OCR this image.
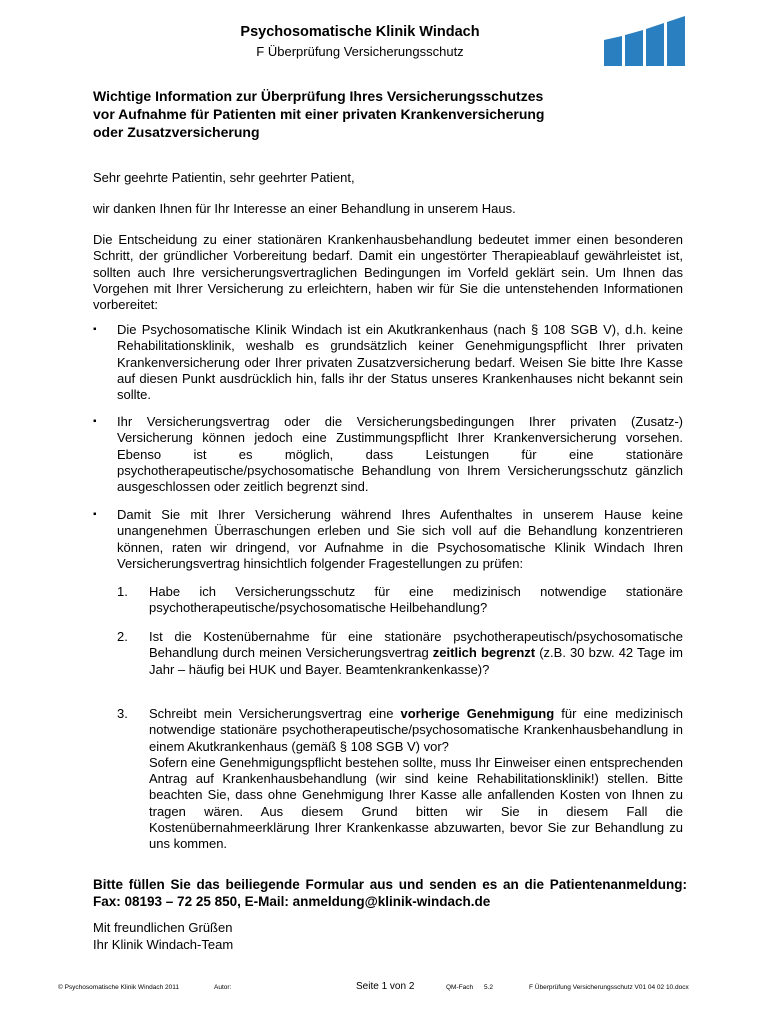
Psychosomatische Klinik Windach
F Überprüfung Versicherungsschutz
Wichtige Information zur Überprüfung Ihres Versicherungsschutzes
vor Aufnahme für Patienten mit einer privaten Krankenversicherung
oder Zusatzversicherung
Sehr geehrte Patientin, sehr geehrter Patient,
wir danken Ihnen für Ihr Interesse an einer Behandlung in unserem Haus.
Die Entscheidung zu einer stationären Krankenhausbehandlung bedeutet immer einen besonderen Schritt, der gründlicher Vorbereitung bedarf. Damit ein ungestörter Therapieablauf gewährleistet ist, sollten auch Ihre versicherungsvertraglichen Bedingungen im Vorfeld geklärt sein. Um Ihnen das Vorgehen mit Ihrer Versicherung zu erleichtern, haben wir für Sie die untenstehenden Informationen vorbereitet:
▪	Die Psychosomatische Klinik Windach ist ein Akutkrankenhaus (nach § 108 SGB V), d.h. keine Rehabilitationsklinik, weshalb es grundsätzlich keiner Genehmigungspflicht Ihrer privaten Krankenversicherung oder Ihrer privaten Zusatzversicherung bedarf. Weisen Sie bitte Ihre Kasse auf diesen Punkt ausdrücklich hin, falls ihr der Status unseres Krankenhauses nicht bekannt sein sollte.
▪	Ihr Versicherungsvertrag oder die Versicherungsbedingungen Ihrer privaten (Zusatz-) Versicherung können jedoch eine Zustimmungspflicht Ihrer Krankenversicherung vorsehen. Ebenso ist es möglich, dass Leistungen für eine stationäre psychotherapeutische/psychosomatische Behandlung von Ihrem Versicherungsschutz gänzlich ausgeschlossen oder zeitlich begrenzt sind.
▪	Damit Sie mit Ihrer Versicherung während Ihres Aufenthaltes in unserem Hause keine unangenehmen Überraschungen erleben und Sie sich voll auf die Behandlung konzentrieren können, raten wir dringend, vor Aufnahme in die Psychosomatische Klinik Windach Ihren Versicherungsvertrag hinsichtlich folgender Fragestellungen zu prüfen:
1. Habe ich Versicherungsschutz für eine medizinisch notwendige stationäre psychotherapeutische/psychosomatische Heilbehandlung?
2. Ist die Kostenübernahme für eine stationäre psychotherapeutisch/psychosomatische Behandlung durch meinen Versicherungsvertrag zeitlich begrenzt (z.B. 30 bzw. 42 Tage im Jahr – häufig bei HUK und Bayer. Beamtenkrankenkasse)?
3. Schreibt mein Versicherungsvertrag eine vorherige Genehmigung für eine medizinisch notwendige stationäre psychotherapeutische/psychosomatische Krankenhausbehandlung in einem Akutkrankenhaus (gemäß § 108 SGB V) vor?
Sofern eine Genehmigungspflicht bestehen sollte, muss Ihr Einweiser einen entsprechenden Antrag auf Krankenhausbehandlung (wir sind keine Rehabilitationsklinik!) stellen. Bitte beachten Sie, dass ohne Genehmigung Ihrer Kasse alle anfallenden Kosten von Ihnen zu tragen wären. Aus diesem Grund bitten wir Sie in diesem Fall die Kostenübernahmeerklärung Ihrer Krankenkasse abzuwarten, bevor Sie zur Behandlung zu uns kommen.
Bitte füllen Sie das beiliegende Formular aus und senden es an die Patientenanmeldung: Fax: 08193 – 72 25 850, E-Mail: anmeldung@klinik-windach.de
Mit freundlichen Grüßen
Ihr Klinik Windach-Team
© Psychosomatische Klinik Windach 2011	Autor:	Seite 1 von 2	QM-Fach 5.2	F Überprüfung Versicherungsschutz V01 04 02 10.docx
